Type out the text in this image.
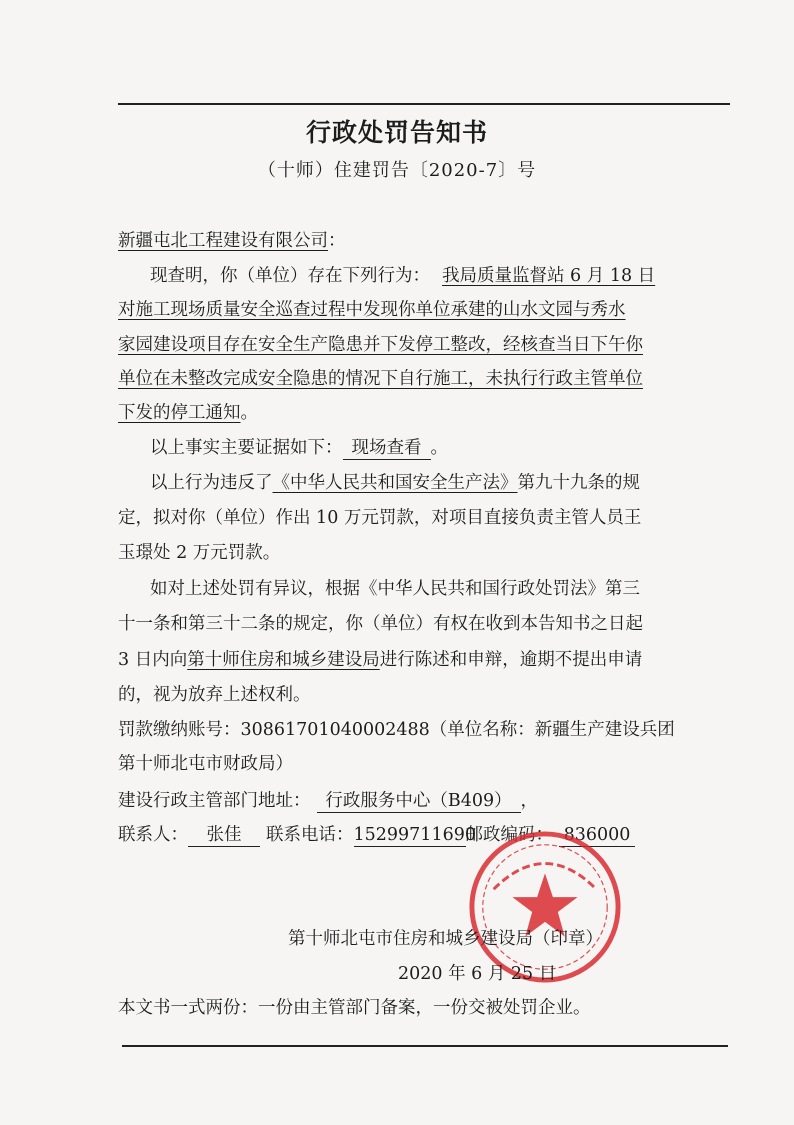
行政处罚告知书
（十师）住建罚告〔2020-7〕号
新疆屯北工程建设有限公司：
现查明，你（单位）存在下列行为： 我局质量监督站 6 月 18 日
对施工现场质量安全巡查过程中发现你单位承建的山水文园与秀水
家园建设项目存在安全生产隐患并下发停工整改，经核查当日下午你
单位在未整改完成安全隐患的情况下自行施工，未执行行政主管单位
下发的停工通知。
以上事实主要证据如下： 现场查看 。
以上行为违反了《中华人民共和国安全生产法》第九十九条的规
定，拟对你（单位）作出 10 万元罚款，对项目直接负责主管人员王
玉璟处 2 万元罚款。
如对上述处罚有异议，根据《中华人民共和国行政处罚法》第三
十一条和第三十二条的规定，你（单位）有权在收到本告知书之日起
3 日内向第十师住房和城乡建设局进行陈述和申辩，逾期不提出申请
的，视为放弃上述权利。
罚款缴纳账号：30861701040002488（单位名称：新疆生产建设兵团
第十师北屯市财政局）
建设行政主管部门地址： 行政服务中心（B409） ，
联系人： 张佳 联系电话：15299711690邮政编码： 836000
第十师北屯市住房和城乡建设局（印章）
2020 年 6 月 25 日
本文书一式两份：一份由主管部门备案，一份交被处罚企业。
